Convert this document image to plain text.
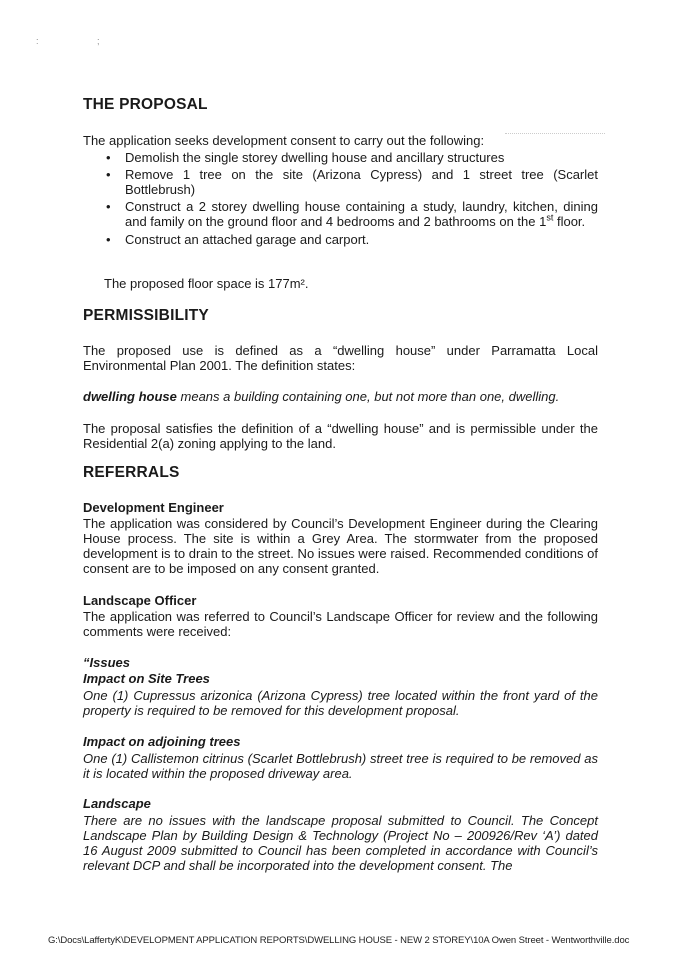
: ;
THE PROPOSAL

The application seeks development consent to carry out the following:

• Demolish the single storey dwelling house and ancillary structures
• Remove 1 tree on the site (Arizona Cypress) and 1 street tree (Scarlet Bottlebrush)
• Construct a 2 storey dwelling house containing a study, laundry, kitchen, dining and family on the ground floor and 4 bedrooms and 2 bathrooms on the 1st floor.
• Construct an attached garage and carport.

The proposed floor space is 177m².

PERMISSIBILITY

The proposed use is defined as a “dwelling house” under Parramatta Local Environmental Plan 2001. The definition states:

dwelling house means a building containing one, but not more than one, dwelling.

The proposal satisfies the definition of a “dwelling house” and is permissible under the Residential 2(a) zoning applying to the land.

REFERRALS

Development Engineer

The application was considered by Council’s Development Engineer during the Clearing House process. The site is within a Grey Area. The stormwater from the proposed development is to drain to the street. No issues were raised. Recommended conditions of consent are to be imposed on any consent granted.

Landscape Officer

The application was referred to Council’s Landscape Officer for review and the following comments were received:

“Issues

Impact on Site Trees

One (1) Cupressus arizonica (Arizona Cypress) tree located within the front yard of the property is required to be removed for this development proposal.

Impact on adjoining trees

One (1) Callistemon citrinus (Scarlet Bottlebrush) street tree is required to be removed as it is located within the proposed driveway area.

Landscape

There are no issues with the landscape proposal submitted to Council. The Concept Landscape Plan by Building Design & Technology (Project No – 200926/Rev ‘A’) dated 16 August 2009 submitted to Council has been completed in accordance with Council’s relevant DCP and shall be incorporated into the development consent. The

G:\Docs\LaffertyK\DEVELOPMENT APPLICATION REPORTS\DWELLING HOUSE - NEW 2 STOREY\10A Owen Street - Wentworthville.doc
